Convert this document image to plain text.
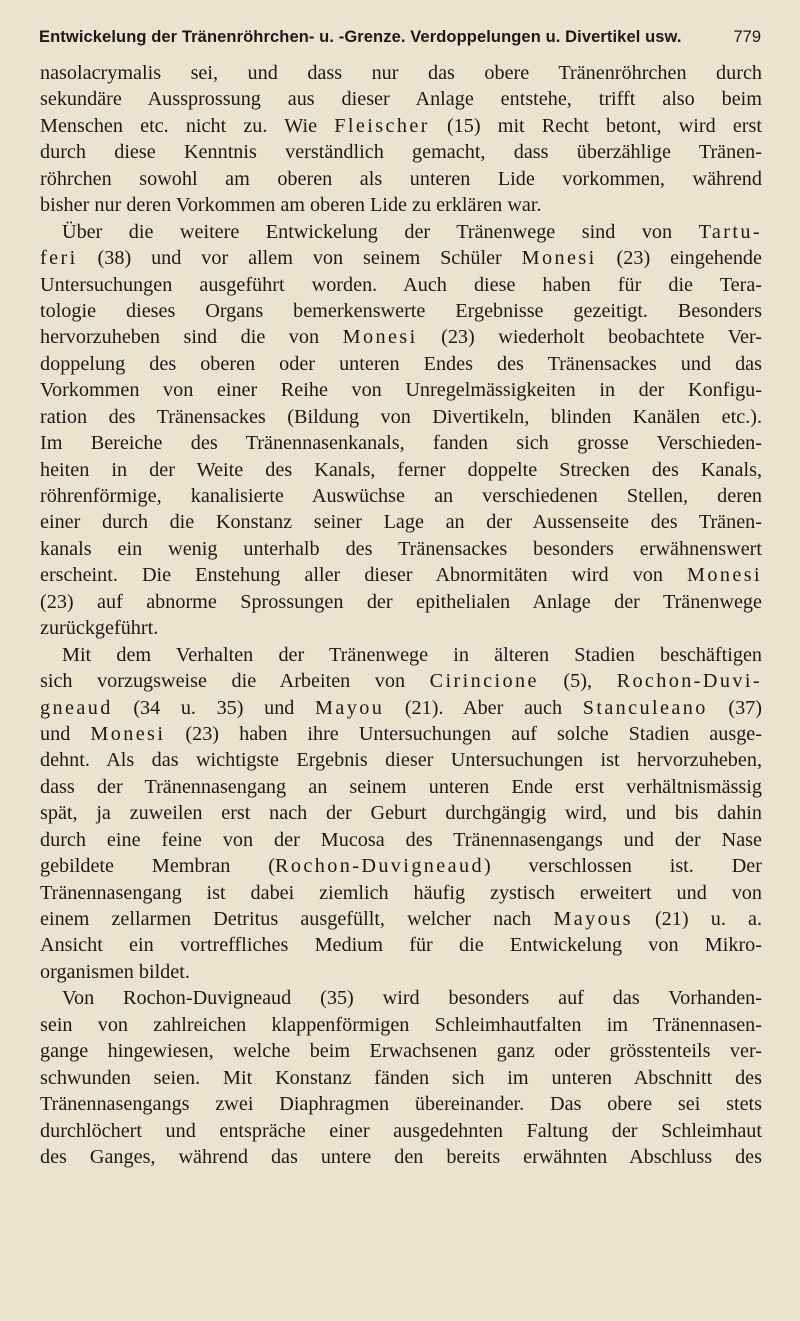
Entwickelung der Tränenröhrchen- u. -Grenze. Verdoppelungen u. Divertikel usw.	779
nasolacrymalis sei, und dass nur das obere Tränenröhrchen durch
sekundäre Aussprossung aus dieser Anlage entstehe, trifft also beim
Menschen etc. nicht zu. Wie Fleischer (15) mit Recht betont, wird erst
durch diese Kenntnis verständlich gemacht, dass überzählige Tränen-
röhrchen sowohl am oberen als unteren Lide vorkommen, während
bisher nur deren Vorkommen am oberen Lide zu erklären war.
Über die weitere Entwickelung der Tränenwege sind von Tartu-
feri (38) und vor allem von seinem Schüler Monesi (23) eingehende
Untersuchungen ausgeführt worden. Auch diese haben für die Tera-
tologie dieses Organs bemerkenswerte Ergebnisse gezeitigt. Besonders
hervorzuheben sind die von Monesi (23) wiederholt beobachtete Ver-
doppelung des oberen oder unteren Endes des Tränensackes und das
Vorkommen von einer Reihe von Unregelmässigkeiten in der Konfigu-
ration des Tränensackes (Bildung von Divertikeln, blinden Kanälen etc.).
Im Bereiche des Tränennasenkanals, fanden sich grosse Verschieden-
heiten in der Weite des Kanals, ferner doppelte Strecken des Kanals,
röhrenförmige, kanalisierte Auswüchse an verschiedenen Stellen, deren
einer durch die Konstanz seiner Lage an der Aussenseite des Tränen-
kanals ein wenig unterhalb des Tränensackes besonders erwähnenswert
erscheint. Die Enstehung aller dieser Abnormitäten wird von Monesi
(23) auf abnorme Sprossungen der epithelialen Anlage der Tränenwege
zurückgeführt.
Mit dem Verhalten der Tränenwege in älteren Stadien beschäftigen
sich vorzugsweise die Arbeiten von Cirincione (5), Rochon-Duvi-
gneaud (34 u. 35) und Mayou (21). Aber auch Stanculeano (37)
und Monesi (23) haben ihre Untersuchungen auf solche Stadien ausge-
dehnt. Als das wichtigste Ergebnis dieser Untersuchungen ist hervorzuheben,
dass der Tränennasengang an seinem unteren Ende erst verhältnismässig
spät, ja zuweilen erst nach der Geburt durchgängig wird, und bis dahin
durch eine feine von der Mucosa des Tränennasengangs und der Nase
gebildete Membran (Rochon-Duvigneaud) verschlossen ist. Der
Tränennasengang ist dabei ziemlich häufig zystisch erweitert und von
einem zellarmen Detritus ausgefüllt, welcher nach Mayous (21) u. a.
Ansicht ein vortreffliches Medium für die Entwickelung von Mikro-
organismen bildet.
Von Rochon-Duvigneaud (35) wird besonders auf das Vorhanden-
sein von zahlreichen klappenförmigen Schleimhautfalten im Tränennasen-
gange hingewiesen, welche beim Erwachsenen ganz oder grösstenteils ver-
schwunden seien. Mit Konstanz fänden sich im unteren Abschnitt des
Tränennasengangs zwei Diaphragmen übereinander. Das obere sei stets
durchlöchert und entspräche einer ausgedehnten Faltung der Schleimhaut
des Ganges, während das untere den bereits erwähnten Abschluss des
